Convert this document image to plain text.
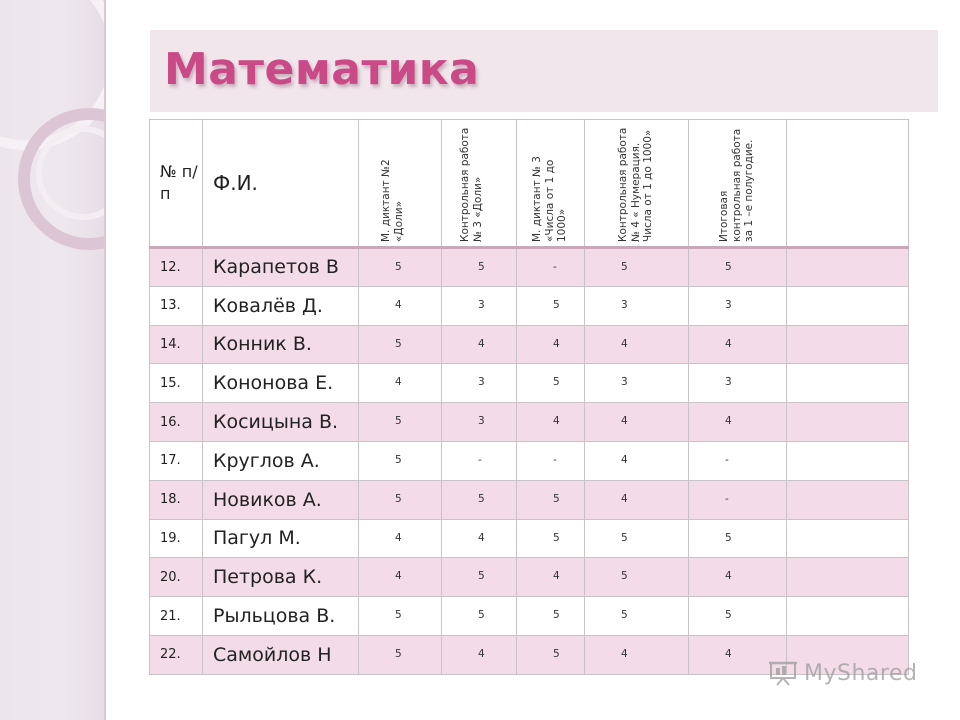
Математика
№ п/п	Ф.И.	М. диктант №2 «Доли»	Контрольная работа № 3 «Доли»	М. диктант № 3 «Числа от 1 до 1000»	Контрольная работа № 4 « Нумерация. Числа от 1 до 1000»	Итоговая контрольная работа за 1 –е полугодие.	

12.	Карапетов В	5	5	-	5	5	
13.	Ковалёв Д.	4	3	5	3	3	
14.	Конник В.	5	4	4	4	4	
15.	Кононова Е.	4	3	5	3	3	
16.	Косицына В.	5	3	4	4	4	
17.	Круглов А.	5	-	-	4	-	
18.	Новиков А.	5	5	5	4	-	
19.	Пагул М.	4	4	5	5	5	
20.	Петрова К.	4	5	4	5	4	
21.	Рыльцова В.	5	5	5	5	5	
22.	Самойлов Н	5	4	5	4	4	
MyShared
